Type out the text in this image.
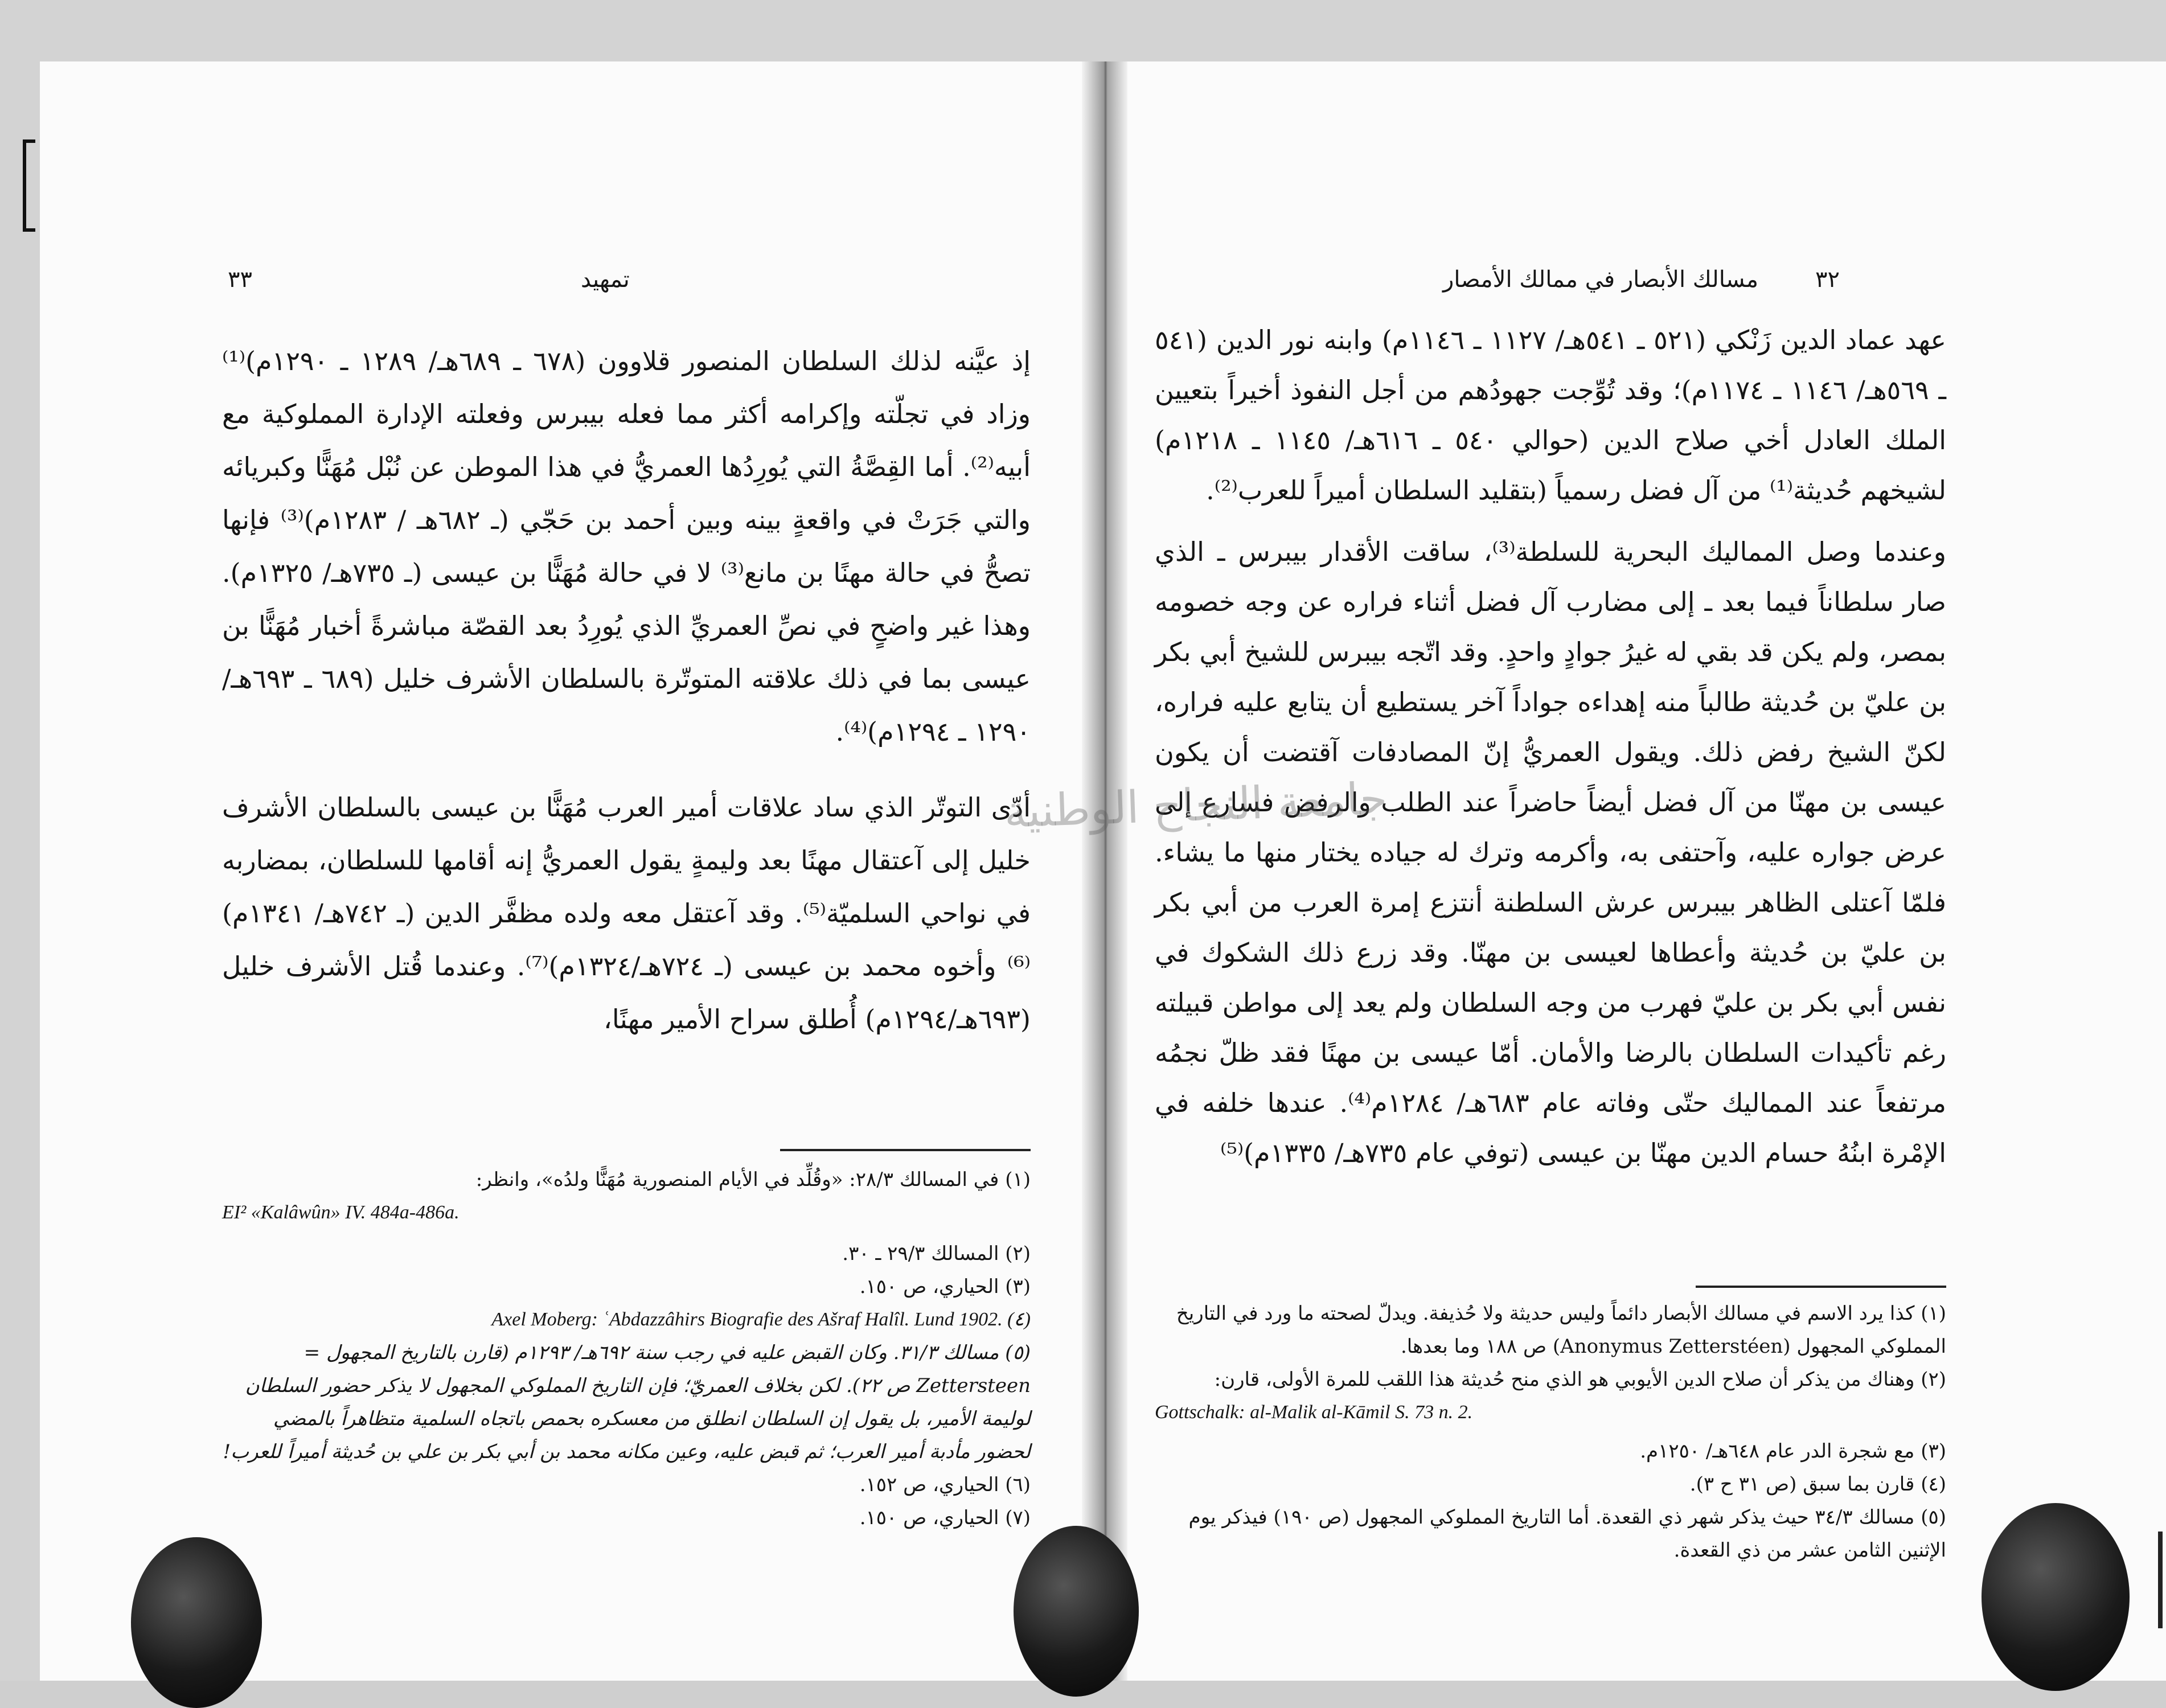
٣٣	تمهيد

إذ عيَّنه لذلك السلطان المنصور قلاوون (٦٧٨ ـ ٦٨٩هـ/ ١٢٨٩ ـ ١٢٩٠م)⁽¹⁾ وزاد في تجلّته وإكرامه أكثر مما فعله بيبرس وفعلته الإدارة المملوكية مع أبيه⁽²⁾. أما القِصَّةُ التي يُورِدُها العمريُّ في هذا الموطن عن نُبْل مُهَنًّا وكبريائه والتي جَرَتْ في واقعةٍ بينه وبين أحمد بن حَجّي (ـ ٦٨٢هـ / ١٢٨٣م)⁽³⁾ فإنها تصحُّ في حالة مهنًا بن مانع⁽³⁾ لا في حالة مُهَنًّا بن عيسى (ـ ٧٣٥هـ/ ١٣٢٥م). وهذا غير واضحٍ في نصِّ العمريِّ الذي يُورِدُ بعد القصّة مباشرةً أخبار مُهَنًّا بن عيسى بما في ذلك علاقته المتوتّرة بالسلطان الأشرف خليل (٦٨٩ ـ ٦٩٣هـ/ ١٢٩٠ ـ ١٢٩٤م)⁽⁴⁾.

أدّى التوتّر الذي ساد علاقات أمير العرب مُهَنًّا بن عيسى بالسلطان الأشرف خليل إلى آعتقال مهنًا بعد وليمةٍ يقول العمريُّ إنه أقامها للسلطان، بمضاربه في نواحي السلميّة⁽⁵⁾. وقد آعتقل معه ولده مظفَّر الدين (ـ ٧٤٢هـ/ ١٣٤١م)⁽⁶⁾ وأخوه محمد بن عيسى (ـ ٧٢٤هـ/١٣٢٤م)⁽⁷⁾. وعندما قُتل الأشرف خليل (٦٩٣هـ/١٢٩٤م) أُطلق سراح الأمير مهنًا،

(١) في المسالك ٢٨/٣: «وقُلِّد في الأيام المنصورية مُهَنًّا ولدُه»، وانظر:

EI² «Kalâwûn» IV. 484a-486a.

(٢) المسالك ٢٩/٣ ـ ٣٠.

(٣) الحياري، ص ١٥٠.

Axel Moberg: ʿAbdazzâhirs Biografie des Ašraf Halîl. Lund 1902. (٤)

(٥) مسالك ٣١/٣. وكان القبض عليه في رجب سنة ٦٩٢هـ/ ١٢٩٣م (قارن بالتاريخ المجهول = Zettersteen ص ٢٢). لكن بخلاف العمريّ؛ فإن التاريخ المملوكي المجهول لا يذكر حضور السلطان لوليمة الأمير، بل يقول إن السلطان انطلق من معسكره بحمص باتجاه السلمية متظاهراً بالمضي لحضور مأدبة أمير العرب؛ ثم قبض عليه، وعين مكانه محمد بن أبي بكر بن علي بن حُديثة أميراً للعرب!

(٦) الحياري، ص ١٥٢.

(٧) الحياري، ص ١٥٠.

٣٢
مسالك الأبصار في ممالك الأمصار

عهد عماد الدين زَنْكي (٥٢١ ـ ٥٤١هـ/ ١١٢٧ ـ ١١٤٦م) وابنه نور الدين (٥٤١ ـ ٥٦٩هـ/ ١١٤٦ ـ ١١٧٤م)؛ وقد تُوِّجت جهودُهم من أجل النفوذ أخيراً بتعيين الملك العادل أخي صلاح الدين (حوالي ٥٤٠ ـ ٦١٦هـ/ ١١٤٥ ـ ١٢١٨م) لشيخهم حُديثة⁽¹⁾ من آل فضل رسمياً (بتقليد السلطان أميراً للعرب⁽²⁾.

وعندما وصل المماليك البحرية للسلطة⁽³⁾، ساقت الأقدار بيبرس ـ الذي صار سلطاناً فيما بعد ـ إلى مضارب آل فضل أثناء فراره عن وجه خصومه بمصر، ولم يكن قد بقي له غيرُ جوادٍ واحدٍ. وقد اتّجه بيبرس للشيخ أبي بكر بن عليّ بن حُديثة طالباً منه إهداءه جواداً آخر يستطيع أن يتابع عليه فراره، لكنّ الشيخ رفض ذلك. ويقول العمريُّ إنّ المصادفات آقتضت أن يكون عيسى بن مهنّا من آل فضل أيضاً حاضراً عند الطلب والرفض فسارع إلى عرض جواره عليه، وآحتفى به، وأكرمه وترك له جياده يختار منها ما يشاء. فلمّا آعتلى الظاهر بيبرس عرش السلطنة أنتزع إمرة العرب من أبي بكر بن عليّ بن حُديثة وأعطاها لعيسى بن مهنّا. وقد زرع ذلك الشكوك في نفس أبي بكر بن عليّ فهرب من وجه السلطان ولم يعد إلى مواطن قبيلته رغم تأكيدات السلطان بالرضا والأمان. أمّا عيسى بن مهنًا فقد ظلّ نجمُه مرتفعاً عند المماليك حتّى وفاته عام ٦٨٣هـ/ ١٢٨٤م⁽⁴⁾. عندها خلفه في الإمْرة ابنُهُ حسام الدين مهنّا بن عيسى (توفي عام ٧٣٥هـ/ ١٣٣٥م)⁽⁵⁾

(١) كذا يرد الاسم في مسالك الأبصار دائماً وليس حديثة ولا حُذيفة. ويدلّ لصحته ما ورد في التاريخ المملوكي المجهول (Anonymus Zetterstéen) ص ١٨٨ وما بعدها.

(٢) وهناك من يذكر أن صلاح الدين الأيوبي هو الذي منح حُديثة هذا اللقب للمرة الأولى، قارن:

Gottschalk: al-Malik al-Kāmil S. 73 n. 2.

(٣) مع شجرة الدر عام ٦٤٨هـ/ ١٢٥٠م.

(٤) قارن بما سبق (ص ٣١ ح ٣).

(٥) مسالك ٣٤/٣ حيث يذكر شهر ذي القعدة. أما التاريخ المملوكي المجهول (ص ١٩٠) فيذكر يوم الإثنين الثامن عشر من ذي القعدة.

جامعة النجاح الوطنية
